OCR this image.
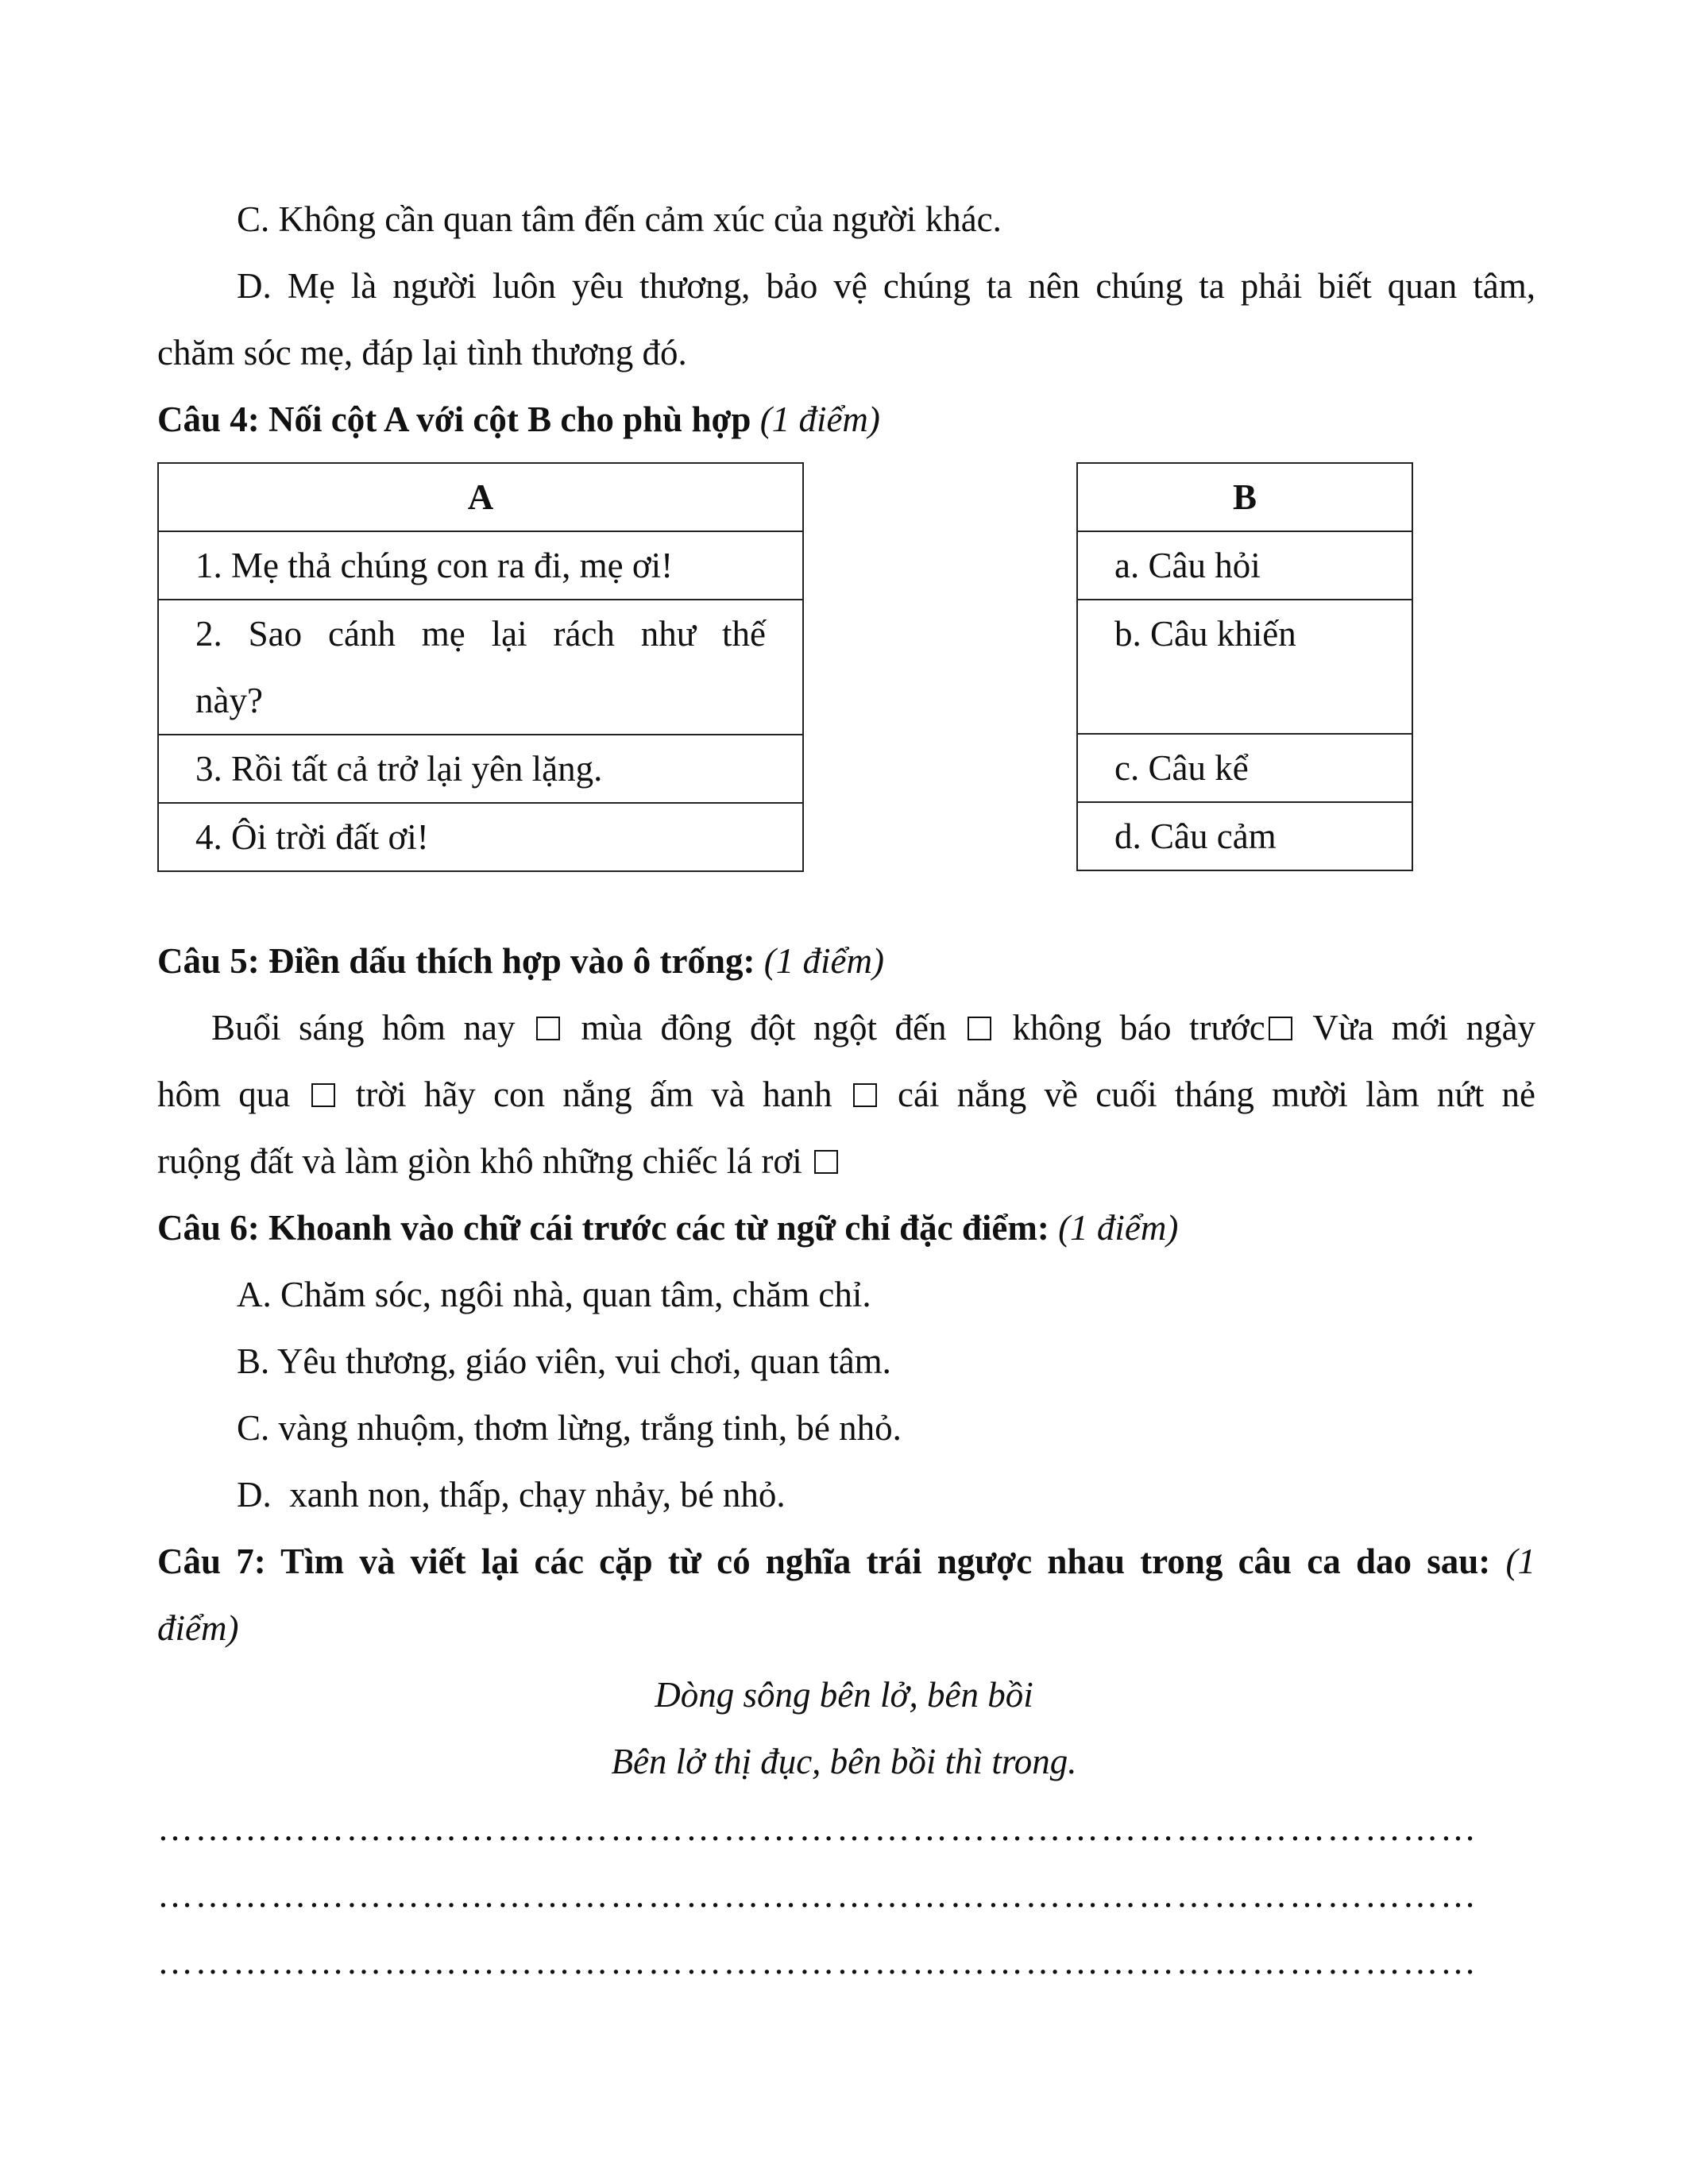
C. Không cần quan tâm đến cảm xúc của người khác.

D. Mẹ là người luôn yêu thương, bảo vệ chúng ta nên chúng ta phải biết quan tâm,

chăm sóc mẹ, đáp lại tình thương đó.

Câu 4: Nối cột A với cột B cho phù hợp (1 điểm)

A
1. Mẹ thả chúng con ra đi, mẹ ơi!

2. Sao cánh mẹ lại rách như thế
này?

3. Rồi tất cả trở lại yên lặng.
4. Ôi trời đất ơi!
B
a. Câu hỏi
b. Câu khiến
c. Câu kể
d. Câu cảm

Câu 5: Điền dấu thích hợp vào ô trống: (1 điểm)

Buổi sáng hôm nay mùa đông đột ngột đến không báo trước Vừa mới ngày

hôm qua trời hãy con nắng ấm và hanh cái nắng về cuối tháng mười làm nứt nẻ

ruộng đất và làm giòn khô những chiếc lá rơi

Câu 6: Khoanh vào chữ cái trước các từ ngữ chỉ đặc điểm: (1 điểm)

A. Chăm sóc, ngôi nhà, quan tâm, chăm chỉ.

B. Yêu thương, giáo viên, vui chơi, quan tâm.

C. vàng nhuộm, thơm lừng, trắng tinh, bé nhỏ.

D.  xanh non, thấp, chạy nhảy, bé nhỏ.

Câu 7: Tìm và viết lại các cặp từ có nghĩa trái ngược nhau trong câu ca dao sau: (1

điểm)

Dòng sông bên lở, bên bồi

Bên lở thị đục, bên bồi thì trong.

……………………………………………………………………………………………

……………………………………………………………………………………………

……………………………………………………………………………………………
